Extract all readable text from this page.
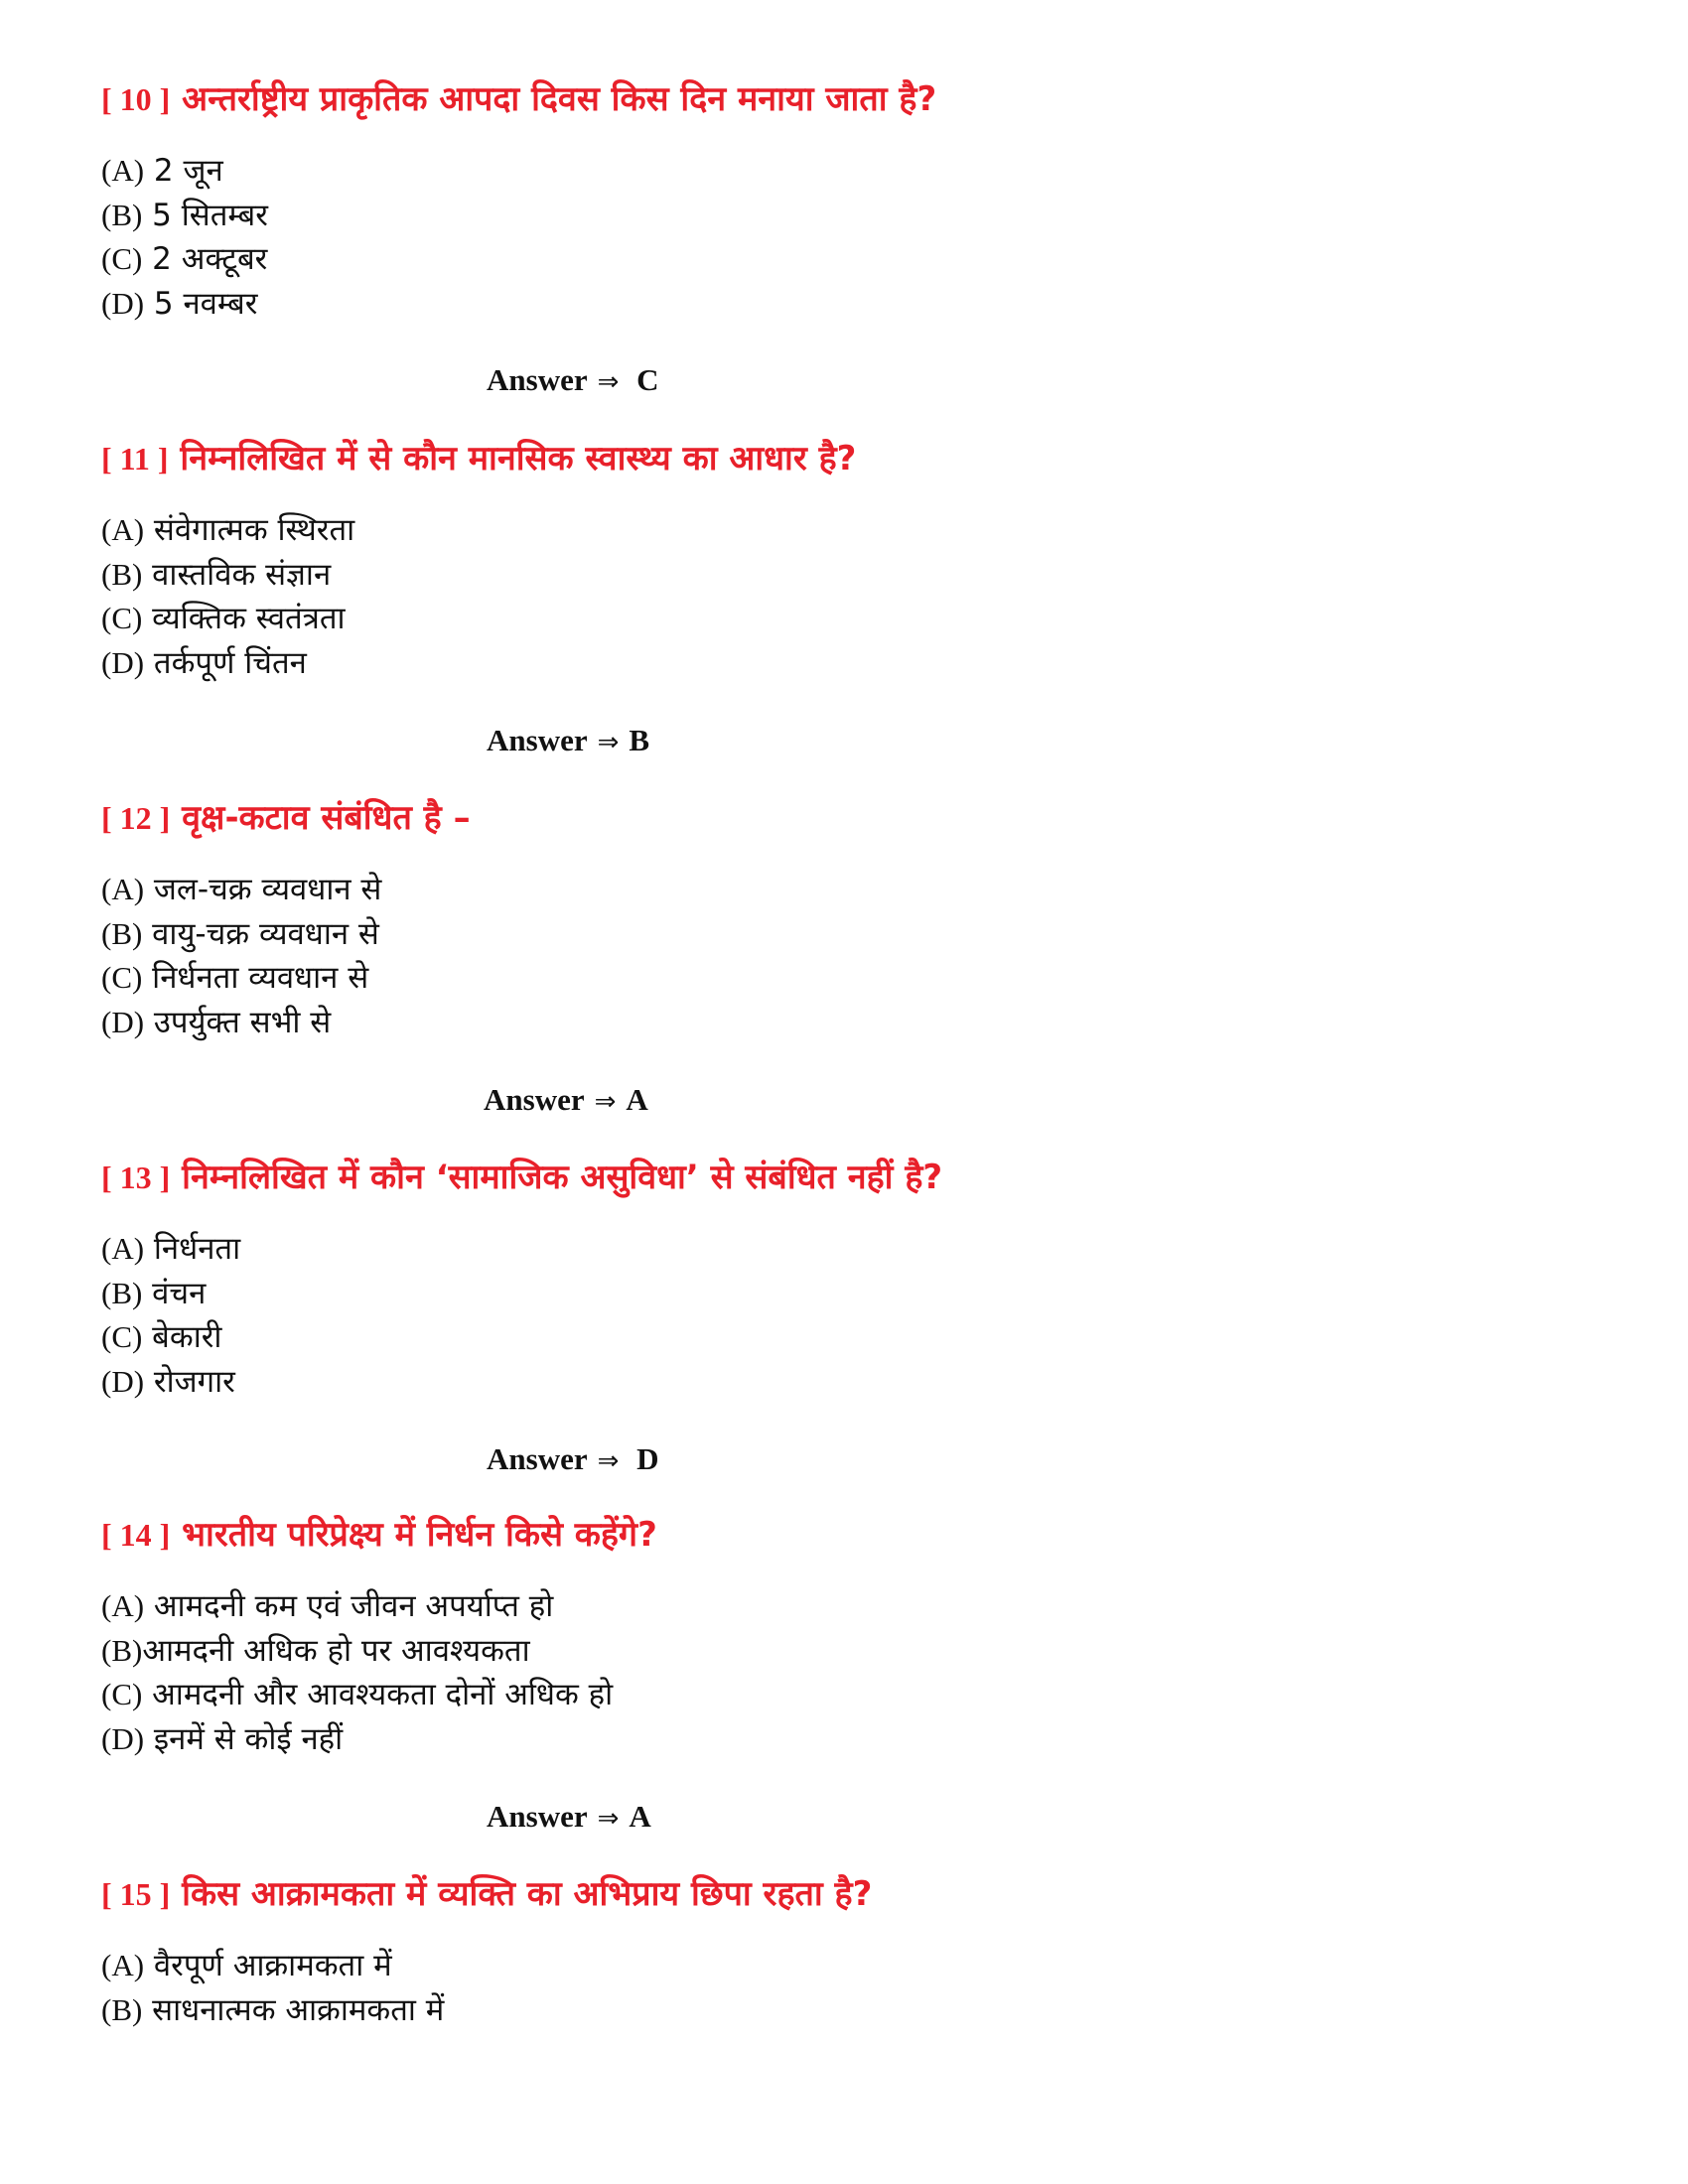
[ 10 ] अन्तर्राष्ट्रीय प्राकृतिक आपदा दिवस किस दिन मनाया जाता है?

(A) 2 जून
(B) 5 सितम्बर
(C) 2 अक्टूबर
(D) 5 नवम्बर
Answer ⇒ C

[ 11 ] निम्नलिखित में से कौन मानसिक स्वास्थ्य का आधार है?

(A) संवेगात्मक स्थिरता
(B) वास्तविक संज्ञान
(C) व्यक्तिक स्वतंत्रता
(D) तर्कपूर्ण चिंतन
Answer ⇒ B

[ 12 ] वृक्ष-कटाव संबंधित है –

(A) जल-चक्र व्यवधान से
(B) वायु-चक्र व्यवधान से
(C) निर्धनता व्यवधान से
(D) उपर्युक्त सभी से
Answer ⇒ A

[ 13 ] निम्नलिखित में कौन ‘सामाजिक असुविधा’ से संबंधित नहीं है?

(A) निर्धनता
(B) वंचन
(C) बेकारी
(D) रोजगार
Answer ⇒ D

[ 14 ] भारतीय परिप्रेक्ष्य में निर्धन किसे कहेंगे?

(A) आमदनी कम एवं जीवन अपर्याप्त हो
(B)आमदनी अधिक हो पर आवश्यकता
(C) आमदनी और आवश्यकता दोनों अधिक हो
(D) इनमें से कोई नहीं
Answer ⇒ A

[ 15 ] किस आक्रामकता में व्यक्ति का अभिप्राय छिपा रहता है?

(A) वैरपूर्ण आक्रामकता में
(B) साधनात्मक आक्रामकता में
